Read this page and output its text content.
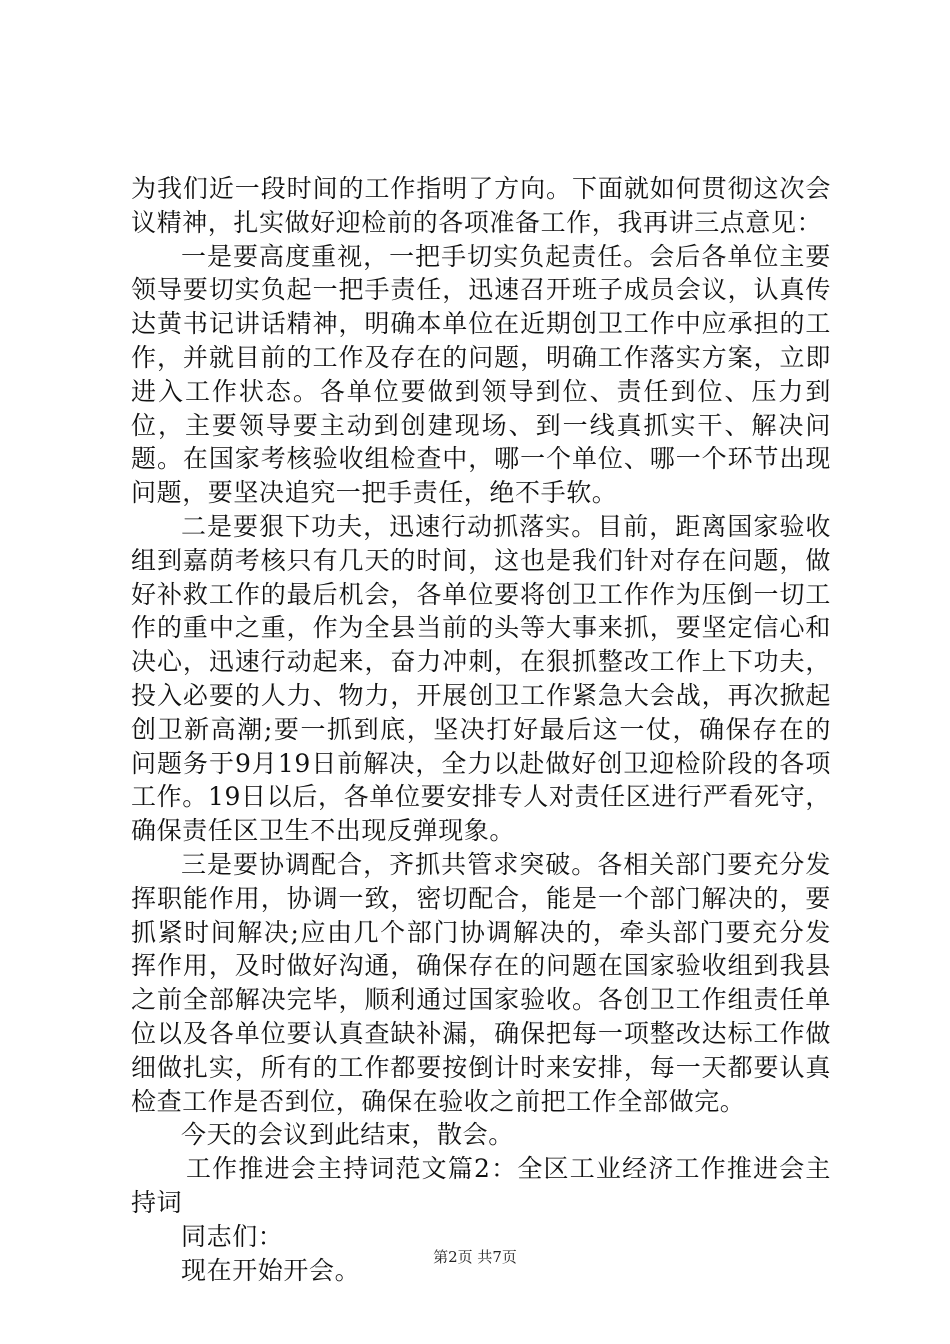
为我们近一段时间的工作指明了方向。下面就如何贯彻这次会议精神，扎实做好迎检前的各项准备工作，我再讲三点意见：

一是要高度重视，一把手切实负起责任。会后各单位主要领导要切实负起一把手责任，迅速召开班子成员会议，认真传达黄书记讲话精神，明确本单位在近期创卫工作中应承担的工作，并就目前的工作及存在的问题，明确工作落实方案，立即进入工作状态。各单位要做到领导到位、责任到位、压力到位，主要领导要主动到创建现场、到一线真抓实干、解决问题。在国家考核验收组检查中，哪一个单位、哪一个环节出现问题，要坚决追究一把手责任，绝不手软。

二是要狠下功夫，迅速行动抓落实。目前，距离国家验收组到嘉荫考核只有几天的时间，这也是我们针对存在问题，做好补救工作的最后机会，各单位要将创卫工作作为压倒一切工作的重中之重，作为全县当前的头等大事来抓，要坚定信心和决心，迅速行动起来，奋力冲刺，在狠抓整改工作上下功夫，投入必要的人力、物力，开展创卫工作紧急大会战，再次掀起创卫新高潮;要一抓到底，坚决打好最后这一仗，确保存在的问题务于9月19日前解决，全力以赴做好创卫迎检阶段的各项工作。19日以后，各单位要安排专人对责任区进行严看死守，确保责任区卫生不出现反弹现象。

三是要协调配合，齐抓共管求突破。各相关部门要充分发挥职能作用，协调一致，密切配合，能是一个部门解决的，要抓紧时间解决;应由几个部门协调解决的，牵头部门要充分发挥作用，及时做好沟通，确保存在的问题在国家验收组到我县之前全部解决完毕，顺利通过国家验收。各创卫工作组责任单位以及各单位要认真查缺补漏，确保把每一项整改达标工作做细做扎实，所有的工作都要按倒计时来安排，每一天都要认真检查工作是否到位，确保在验收之前把工作全部做完。

今天的会议到此结束，散会。

工作推进会主持词范文篇2：全区工业经济工作推进会主持词

同志们：

现在开始开会。	第2页 共7页
